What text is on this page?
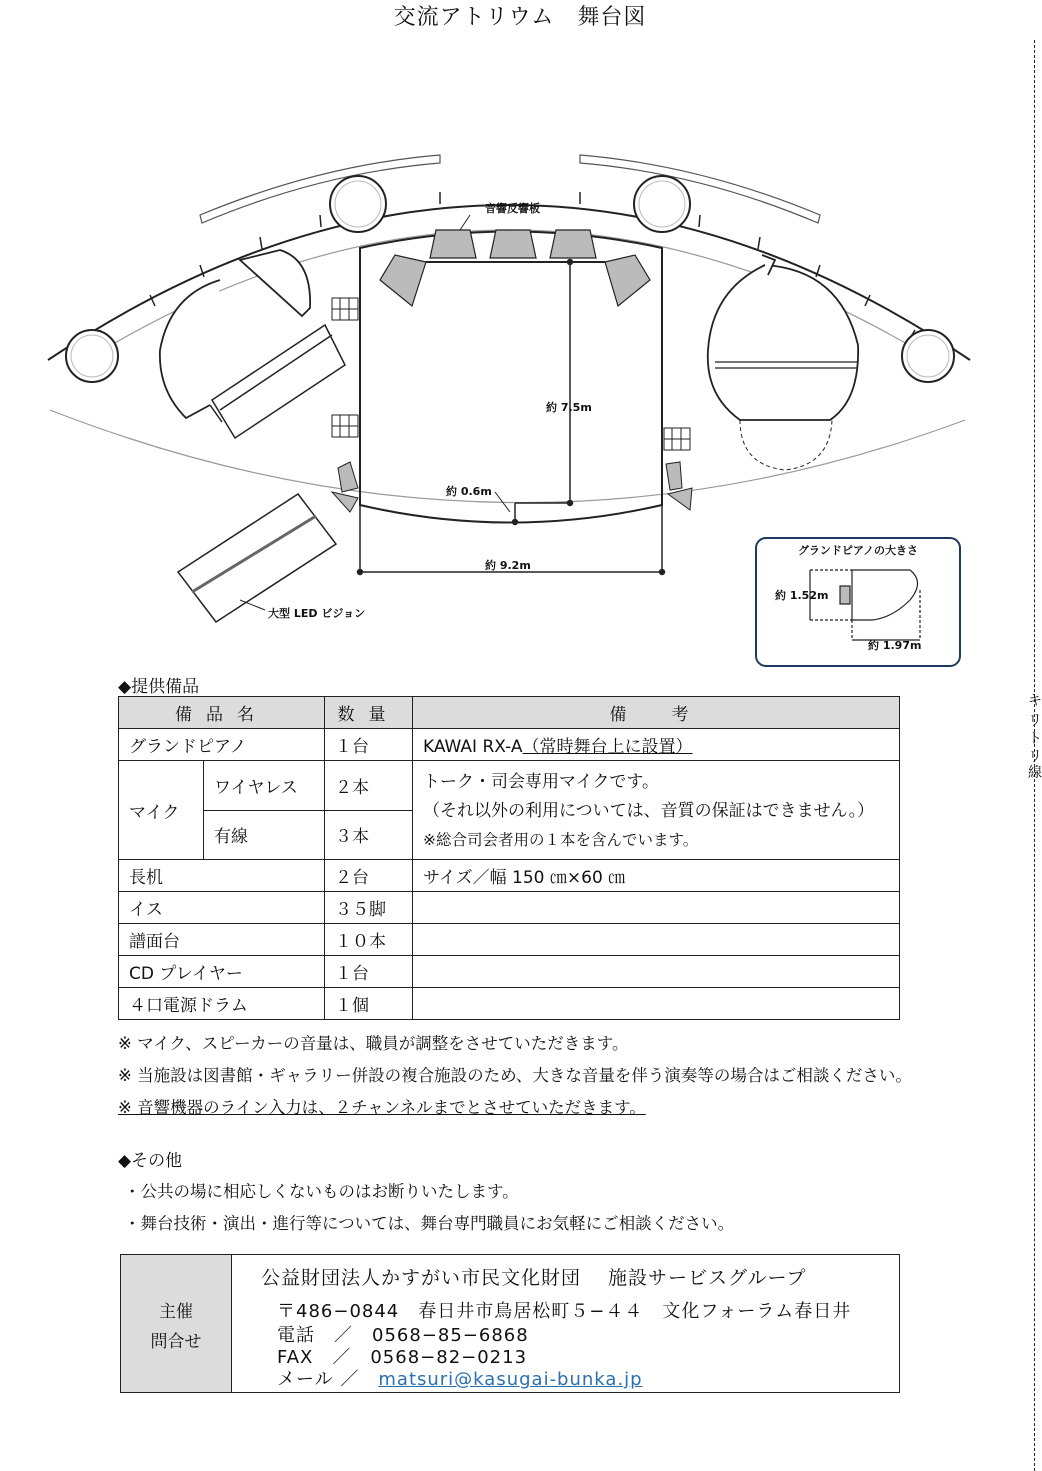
交流アトリウム　舞台図
音響反響板
約 7.5m
約 0.6m
約 9.2m
大型 LED ビジョン
グランドピアノの大きさ
約 1.52m
約 1.97m
◆提供備品
備品名		数量	備　考
グランドピアノ		１台	KAWAI RX-A（常時舞台上に設置）
マイク	ワイヤレス	２本	トーク・司会専用マイクです。
（それ以外の利用については、音質の保証はできません。）
※総合司会者用の１本を含んでいます。

	有線	３本	
長机		２台	サイズ／幅 150 ㎝×60 ㎝
イス		３５脚	
譜面台		１０本	
CD プレイヤー		１台	
４口電源ドラム		１個	
※ マイク、スピーカーの音量は、職員が調整をさせていただきます。
※ 当施設は図書館・ギャラリー併設の複合施設のため、大きな音量を伴う演奏等の場合はご相談ください。
※ 音響機器のライン入力は、２チャンネルまでとさせていただきます。
◆その他
・公共の場に相応しくないものはお断りいたします。
・舞台技術・演出・進行等については、舞台専門職員にお気軽にご相談ください。
主催
問合せ
公益財団法人かすがい市民文化財団　 施設サービスグループ
〒486−0844　春日井市鳥居松町５−４４　文化フォーラム春日井
電話　／　0568−85−6868
FAX　／　0568−82−0213
メール ／　matsuri@kasugai-bunka.jp
キ
リ
ト
リ
線
